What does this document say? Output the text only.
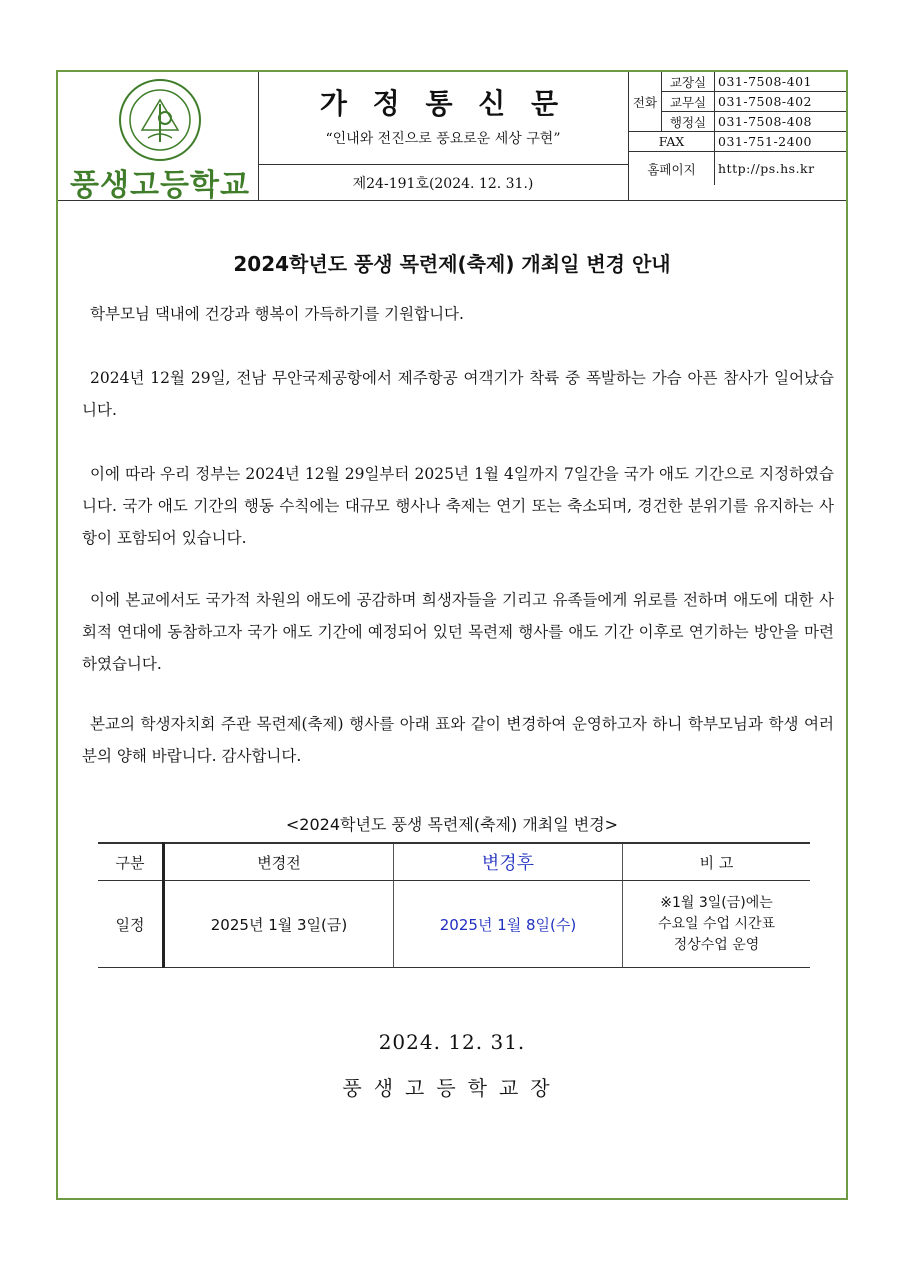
풍생고등학교
가 정 통 신 문
“인내와 전진으로 풍요로운 세상 구현”
제24-191호(2024. 12. 31.)
전화	교장실	031-7508-401
	교무실	031-7508-402
	행정실	031-7508-408
FAX		031-751-2400
홈페이지		http://ps.hs.kr
2024학년도 풍생 목련제(축제) 개최일 변경 안내

학부모님 댁내에 건강과 행복이 가득하기를 기원합니다.

2024년 12월 29일, 전남 무안국제공항에서 제주항공 여객기가 착륙 중 폭발하는 가슴 아픈 참사가 일어났습니다.

이에 따라 우리 정부는 2024년 12월 29일부터 2025년 1월 4일까지 7일간을 국가 애도 기간으로 지정하였습니다. 국가 애도 기간의 행동 수칙에는 대규모 행사나 축제는 연기 또는 축소되며, 경건한 분위기를 유지하는 사항이 포함되어 있습니다.

이에 본교에서도 국가적 차원의 애도에 공감하며 희생자들을 기리고 유족들에게 위로를 전하며 애도에 대한 사회적 연대에 동참하고자 국가 애도 기간에 예정되어 있던 목련제 행사를 애도 기간 이후로 연기하는 방안을 마련하였습니다.

본교의 학생자치회 주관 목련제(축제) 행사를 아래 표와 같이 변경하여 운영하고자 하니 학부모님과 학생 여러분의 양해 바랍니다. 감사합니다.

<2024학년도 풍생 목련제(축제) 개최일 변경>
구분	변경전	변경후	비 고
일정	2025년 1월 3일(금)	2025년 1월 8일(수)	※1월 3일(금)에는
수요일 수업 시간표
정상수업 운영
2024. 12. 31.
풍생고등학교장
